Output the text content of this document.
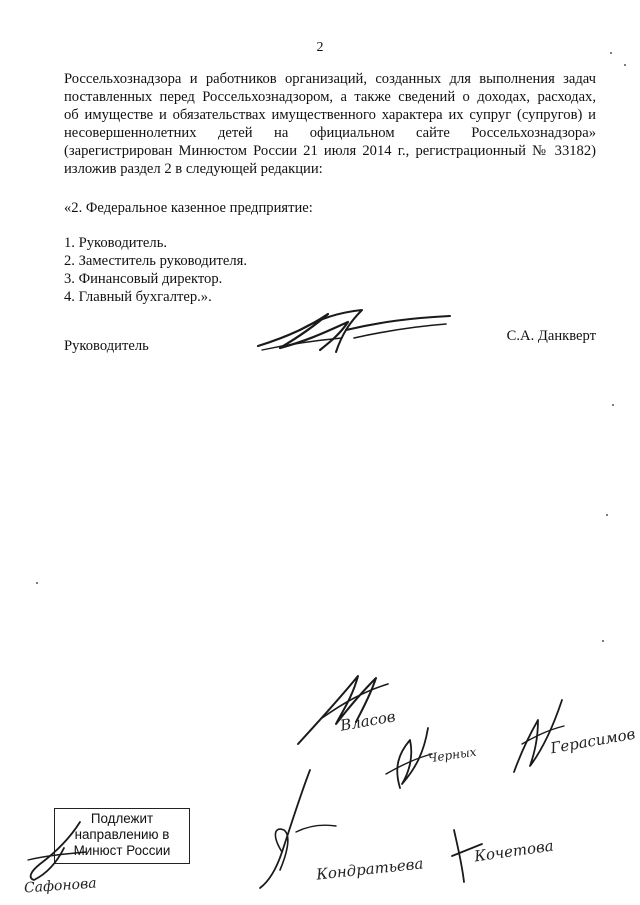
2
Россельхознадзора и работников организаций, созданных для выполнения задач
поставленных перед Россельхознадзором, а также сведений о доходах, расходах,
об имуществе и обязательствах имущественного характера их супруг (супругов) и
несовершеннолетних детей на официальном сайте Россельхознадзора»
(зарегистрирован Минюстом России 21 июля 2014 г., регистрационный № 33182)
изложив раздел 2 в следующей редакции:
«2. Федеральное казенное предприятие:
1. Руководитель.
2. Заместитель руководителя.
3. Финансовый директор.
4. Главный бухгалтер.».
Руководитель
С.А. Данкверт
Власов
Черных	Герасимов
Кондратьева
Кочетова
Подлежит
направлению в
Минюст России
Сафонова
